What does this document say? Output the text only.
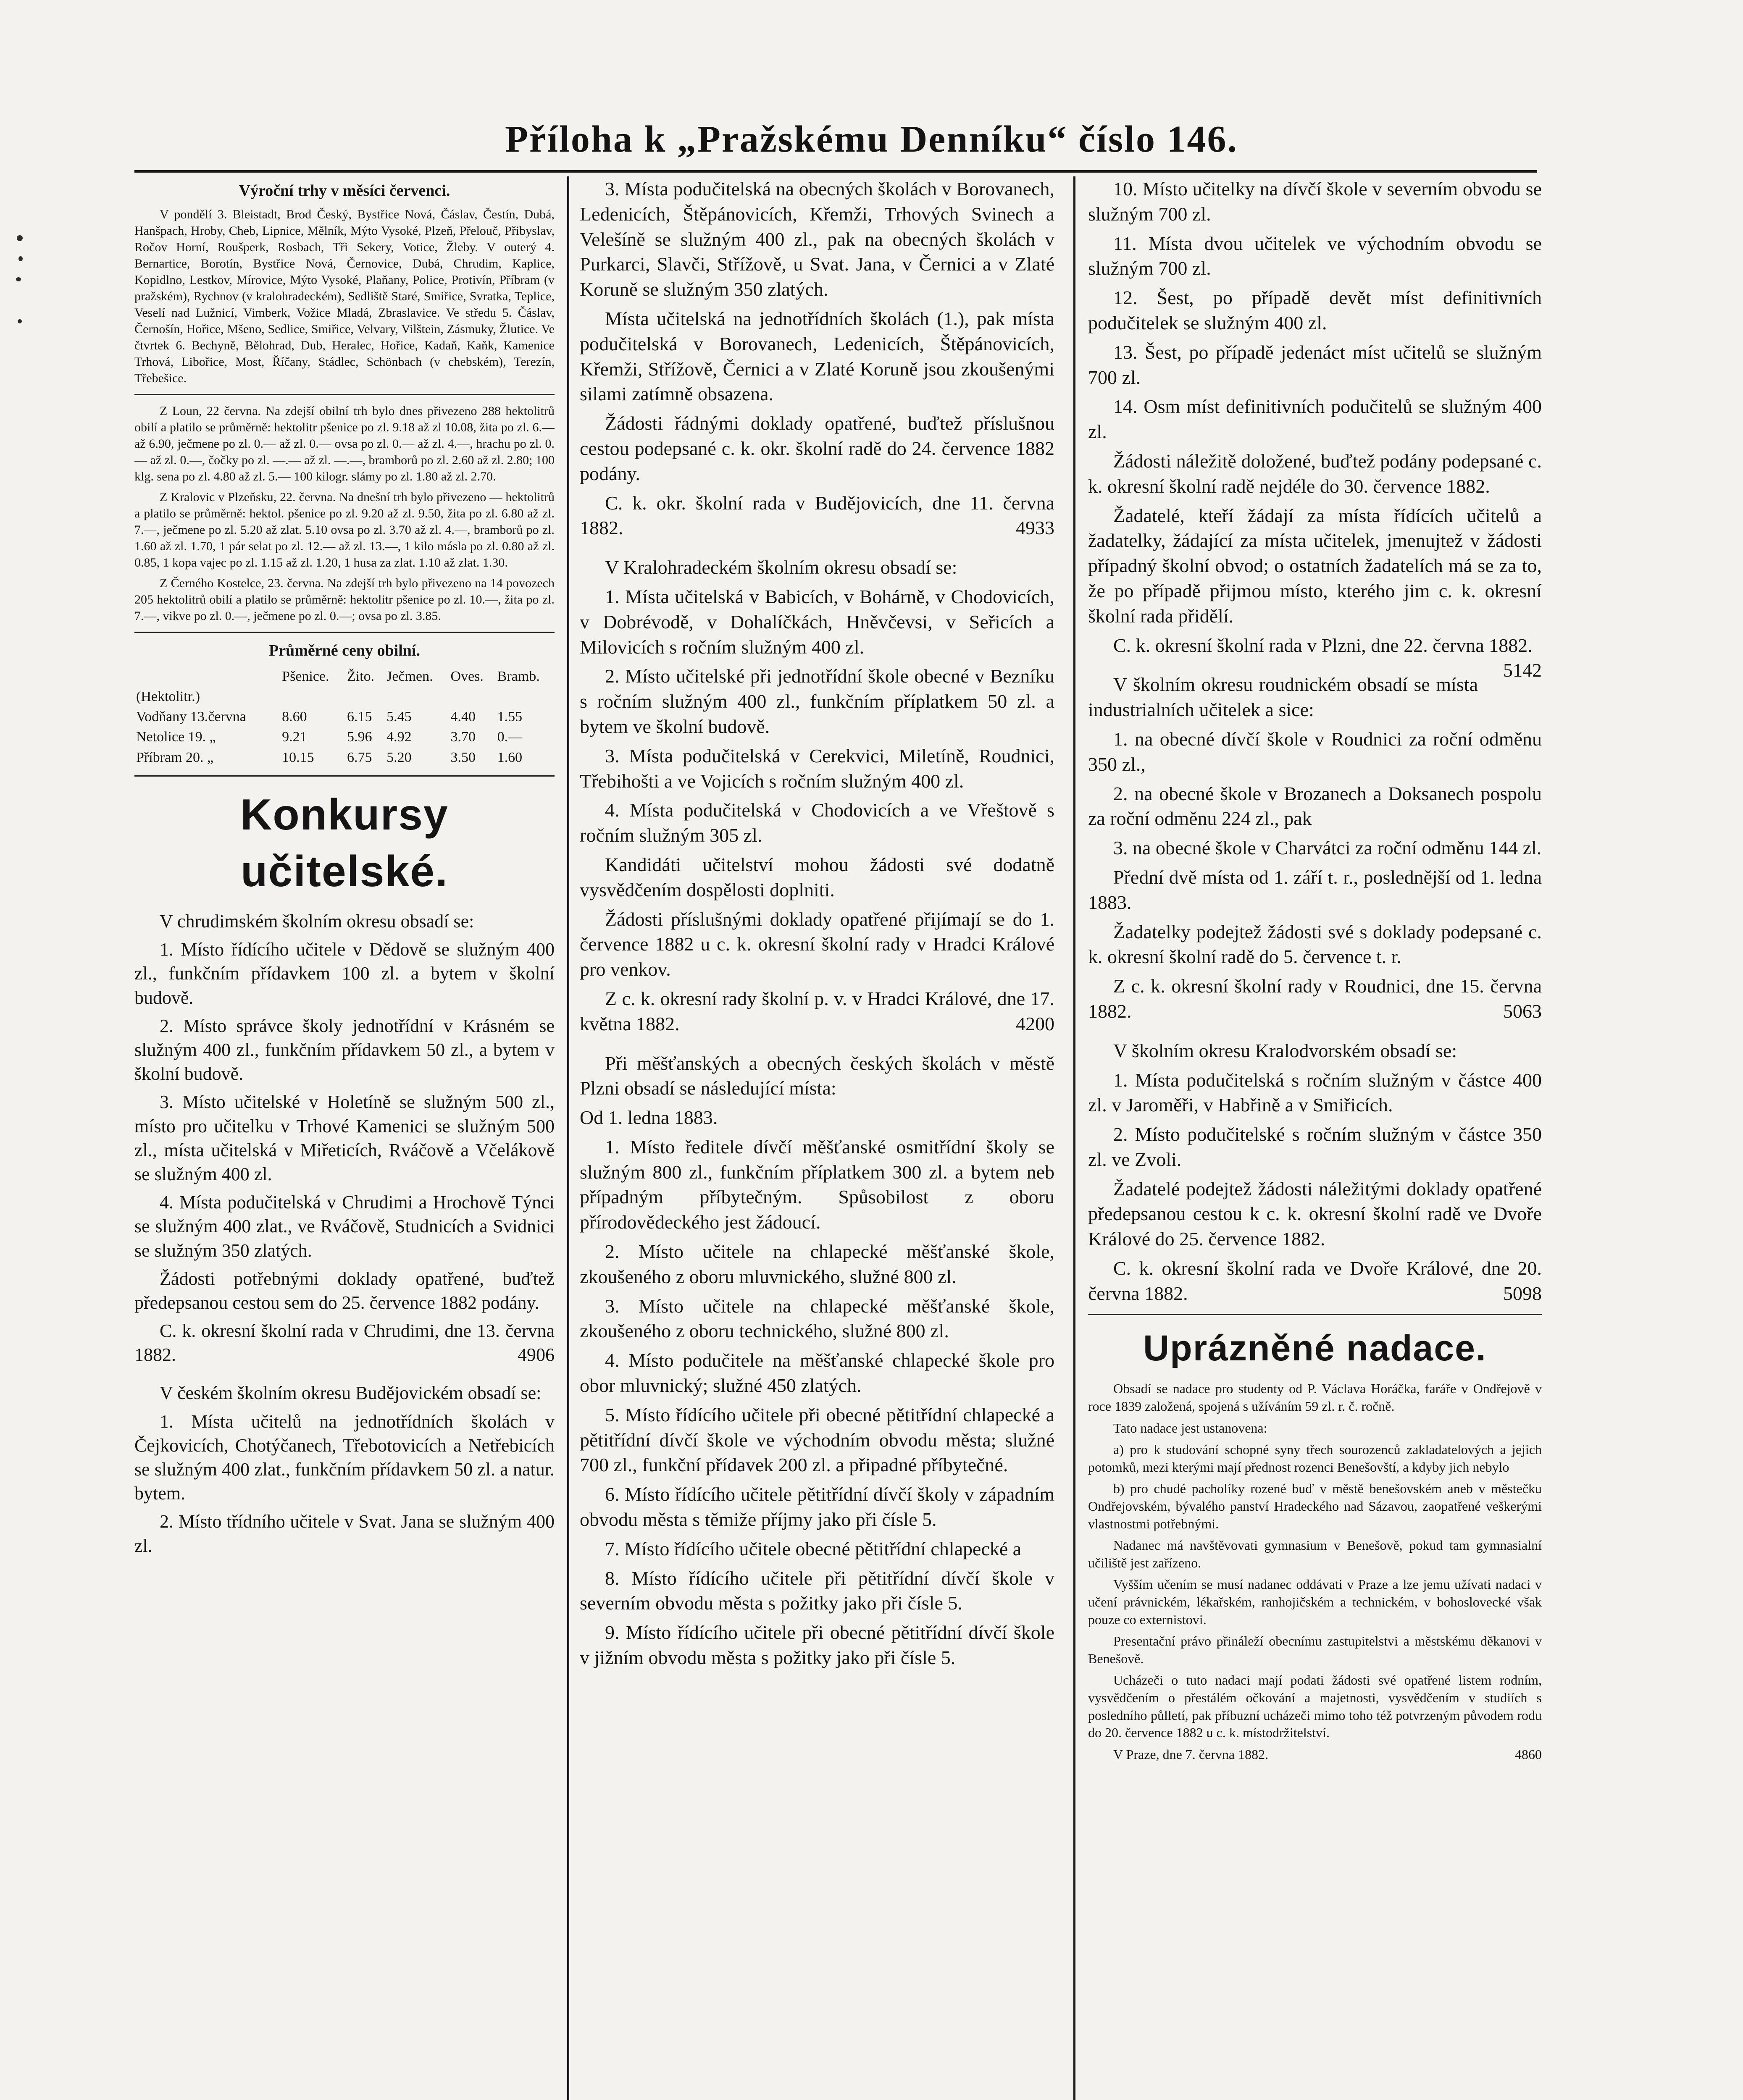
Příloha k „Pražskému Denníku“ číslo 146.
Výroční trhy v měsíci červenci.

V pondělí 3. Bleistadt, Brod Český, Bystřice Nová, Čáslav, Čestín, Dubá, Hanšpach, Hroby, Cheb, Lipnice, Mělník, Mýto Vysoké, Plzeň, Přelouč, Přibyslav, Ročov Horní, Roušperk, Rosbach, Tři Sekery, Votice, Žleby. V outerý 4. Bernartice, Borotín, Bystřice Nová, Černovice, Dubá, Chrudim, Kaplice, Kopidlno, Lestkov, Mírovice, Mýto Vysoké, Plaňany, Police, Protivín, Příbram (v pražském), Rychnov (v kralohradeckém), Sedliště Staré, Smiřice, Svratka, Teplice, Veselí nad Lužnicí, Vimberk, Vožice Mladá, Zbraslavice. Ve středu 5. Čáslav, Černošín, Hořice, Mšeno, Sedlice, Smiřice, Velvary, Vilštein, Zásmuky, Žlutice. Ve čtvrtek 6. Bechyně, Bělohrad, Dub, Heralec, Hořice, Kadaň, Kaňk, Kamenice Trhová, Libořice, Most, Říčany, Stádlec, Schönbach (v chebském), Terezín, Třebešice.

Z Loun, 22 června. Na zdejší obilní trh bylo dnes přivezeno 288 hektolitrů obilí a platilo se průměrně: hektolitr pšenice po zl. 9.18 až zl 10.08, žita po zl. 6.— až 6.90, ječmene po zl. 0.— až zl. 0.— ovsa po zl. 0.— až zl. 4.—, hrachu po zl. 0.— až zl. 0.—, čočky po zl. —.— až zl. —.—, bramborů po zl. 2.60 až zl. 2.80; 100 klg. sena po zl. 4.80 až zl. 5.— 100 kilogr. slámy po zl. 1.80 až zl. 2.70.

Z Kralovic v Plzeňsku, 22. června. Na dnešní trh bylo přivezeno — hektolitrů a platilo se průměrně: hektol. pšenice po zl. 9.20 až zl. 9.50, žita po zl. 6.80 až zl. 7.—, ječmene po zl. 5.20 až zlat. 5.10 ovsa po zl. 3.70 až zl. 4.—, bramborů po zl. 1.60 až zl. 1.70, 1 pár selat po zl. 12.— až zl. 13.—, 1 kilo másla po zl. 0.80 až zl. 0.85, 1 kopa vajec po zl. 1.15 až zl. 1.20, 1 husa za zlat. 1.10 až zlat. 1.30.

Z Černého Kostelce, 23. června. Na zdejší trh bylo přivezeno na 14 povozech 205 hektolitrů obilí a platilo se průměrně: hektolitr pšenice po zl. 10.—, žita po zl. 7.—, vikve po zl. 0.—, ječmene po zl. 0.—; ovsa po zl. 3.85.

Průměrné ceny obilní.
	Pšenice.	Žito.	Ječmen.	Oves.	Bramb.
(Hektolitr.)					
Vodňany 13.června	8.60	6.15	5.45	4.40	1.55
Netolice 19. „	9.21	5.96	4.92	3.70	0.—
Příbram 20. „	10.15	6.75	5.20	3.50	1.60
Konkursy učitelské.

V chrudimském školním okresu obsadí se:

1. Místo řídícího učitele v Dědově se služným 400 zl., funkčním přídavkem 100 zl. a bytem v školní budově.

2. Místo správce školy jednotřídní v Krásném se služným 400 zl., funkčním přídavkem 50 zl., a bytem v školní budově.

3. Místo učitelské v Holetíně se služným 500 zl., místo pro učitelku v Trhové Kamenici se služným 500 zl., místa učitelská v Miřeticích, Rváčově a Včelákově se služným 400 zl.

4. Místa podučitelská v Chrudimi a Hrochově Týnci se služným 400 zlat., ve Rváčově, Studnicích a Svidnici se služným 350 zlatých.

Žádosti potřebnými doklady opatřené, buďtež předepsanou cestou sem do 25. července 1882 podány.

C. k. okresní školní rada v Chrudimi, dne 13. června 1882.	4906

V českém školním okresu Budějovickém obsadí se:

1. Místa učitelů na jednotřídních školách v Čejkovicích, Chotýčanech, Třebotovicích a Netřebicích se služným 400 zlat., funkčním přídavkem 50 zl. a natur. bytem.

2. Místo třídního učitele v Svat. Jana se služným 400 zl.

3. Místa podučitelská na obecných školách v Borovanech, Ledenicích, Štěpánovicích, Křemži, Trhových Svinech a Velešíně se služným 400 zl., pak na obecných školách v Purkarci, Slavči, Střížově, u Svat. Jana, v Černici a v Zlaté Koruně se služným 350 zlatých.

Místa učitelská na jednotřídních školách (1.), pak místa podučitelská v Borovanech, Ledenicích, Štěpánovicích, Křemži, Střížově, Černici a v Zlaté Koruně jsou zkoušenými silami zatímně obsazena.

Žádosti řádnými doklady opatřené, buďtež příslušnou cestou podepsané c. k. okr. školní radě do 24. července 1882 podány.

C. k. okr. školní rada v Budějovicích, dne 11. června 1882.	4933

V Kralohradeckém školním okresu obsadí se:

1. Místa učitelská v Babicích, v Bohárně, v Chodovicích, v Dobrévodě, v Dohalíčkách, Hněvčevsi, v Seřicích a Milovicích s ročním služným 400 zl.

2. Místo učitelské při jednotřídní škole obecné v Bezníku s ročním služným 400 zl., funkčním příplatkem 50 zl. a bytem ve školní budově.

3. Místa podučitelská v Cerekvici, Miletíně, Roudnici, Třebihošti a ve Vojicích s ročním služným 400 zl.

4. Místa podučitelská v Chodovicích a ve Vřeštově s ročním služným 305 zl.

Kandidáti učitelství mohou žádosti své dodatně vysvědčením dospělosti doplniti.

Žádosti příslušnými doklady opatřené přijímají se do 1. července 1882 u c. k. okresní školní rady v Hradci Králové pro venkov.

Z c. k. okresní rady školní p. v. v Hradci Králové, dne 17. května 1882.	4200

Při měšťanských a obecných českých školách v městě Plzni obsadí se následující místa:

Od 1. ledna 1883.

1. Místo ředitele dívčí měšťanské osmitřídní školy se služným 800 zl., funkčním příplatkem 300 zl. a bytem neb případným příbytečným. Spůsobilost z oboru přírodovědeckého jest žádoucí.

2. Místo učitele na chlapecké měšťanské škole, zkoušeného z oboru mluvnického, služné 800 zl.

3. Místo učitele na chlapecké měšťanské škole, zkoušeného z oboru technického, služné 800 zl.

4. Místo podučitele na měšťanské chlapecké škole pro obor mluvnický; služné 450 zlatých.

5. Místo řídícího učitele při obecné pětitřídní chlapecké a pětitřídní dívčí škole ve východním obvodu města; služné 700 zl., funkční přídavek 200 zl. a připadné příbytečné.

6. Místo řídícího učitele pětitřídní dívčí školy v západním obvodu města s těmiže příjmy jako při čísle 5.

7. Místo řídícího učitele obecné pětitřídní chlapecké a

8. Místo řídícího učitele při pětitřídní dívčí škole v severním obvodu města s požitky jako při čísle 5.

9. Místo řídícího učitele při obecné pětitřídní dívčí škole v jižním obvodu města s požitky jako při čísle 5.

10. Místo učitelky na dívčí škole v severním obvodu se služným 700 zl.

11. Místa dvou učitelek ve východním obvodu se služným 700 zl.

12. Šest, po případě devět míst definitivních podučitelek se služným 400 zl.

13. Šest, po případě jedenáct míst učitelů se služným 700 zl.

14. Osm míst definitivních podučitelů se služným 400 zl.

Žádosti náležitě doložené, buďtež podány podepsané c. k. okresní školní radě nejdéle do 30. července 1882.

Žadatelé, kteří žádají za místa řídících učitelů a žadatelky, žádající za místa učitelek, jmenujtež v žádosti případný školní obvod; o ostatních žadatelích má se za to, že po případě přijmou místo, kterého jim c. k. okresní školní rada přidělí.

C. k. okresní školní rada v Plzni, dne 22. června 1882.
5142

V školním okresu roudnickém obsadí se místa industrialních učitelek a sice:

1. na obecné dívčí škole v Roudnici za roční odměnu 350 zl.,

2. na obecné škole v Brozanech a Doksanech pospolu za roční odměnu 224 zl., pak

3. na obecné škole v Charvátci za roční odměnu 144 zl.

Přední dvě místa od 1. září t. r., poslednější od 1. ledna 1883.

Žadatelky podejtež žádosti své s doklady podepsané c. k. okresní školní radě do 5. července t. r.

Z c. k. okresní školní rady v Roudnici, dne 15. června 1882.	5063

V školním okresu Kralodvorském obsadí se:

1. Místa podučitelská s ročním služným v částce 400 zl. v Jaroměři, v Habřině a v Smiřicích.

2. Místo podučitelské s ročním služným v částce 350 zl. ve Zvoli.

Žadatelé podejtež žádosti náležitými doklady opatřené předepsanou cestou k c. k. okresní školní radě ve Dvoře Králové do 25. července 1882.

C. k. okresní školní rada ve Dvoře Králové, dne 20. června 1882.	5098

Uprázněné nadace.

Obsadí se nadace pro studenty od P. Václava Horáčka, faráře v Ondřejově v roce 1839 založená, spojená s užíváním 59 zl. r. č. ročně.

Tato nadace jest ustanovena:

a) pro k studování schopné syny třech sourozenců zakladatelových a jejich potomků, mezi kterými mají přednost rozenci Benešovští, a kdyby jich nebylo

b) pro chudé pacholíky rozené buď v městě benešovském aneb v městečku Ondřejovském, bývalého panství Hradeckého nad Sázavou, zaopatřené veškerými vlastnostmi potřebnými.

Nadanec má navštěvovati gymnasium v Benešově, pokud tam gymnasialní učiliště jest zařízeno.

Vyšším učením se musí nadanec oddávati v Praze a lze jemu užívati nadaci v učení právnickém, lékařském, ranhojičském a technickém, v bohoslovecké však pouze co externistovi.

Presentační právo přináleží obecnímu zastupitelstvi a městskému děkanovi v Benešově.

Ucházeči o tuto nadaci mají podati žádosti své opatřené listem rodním, vysvědčením o přestálém očkování a majetnosti, vysvědčením v studiích s posledního půlletí, pak příbuzní ucházeči mimo toho též potvrzeným původem rodu do 20. července 1882 u c. k. místodržitelství.

V Praze, dne 7. června 1882.	4860
